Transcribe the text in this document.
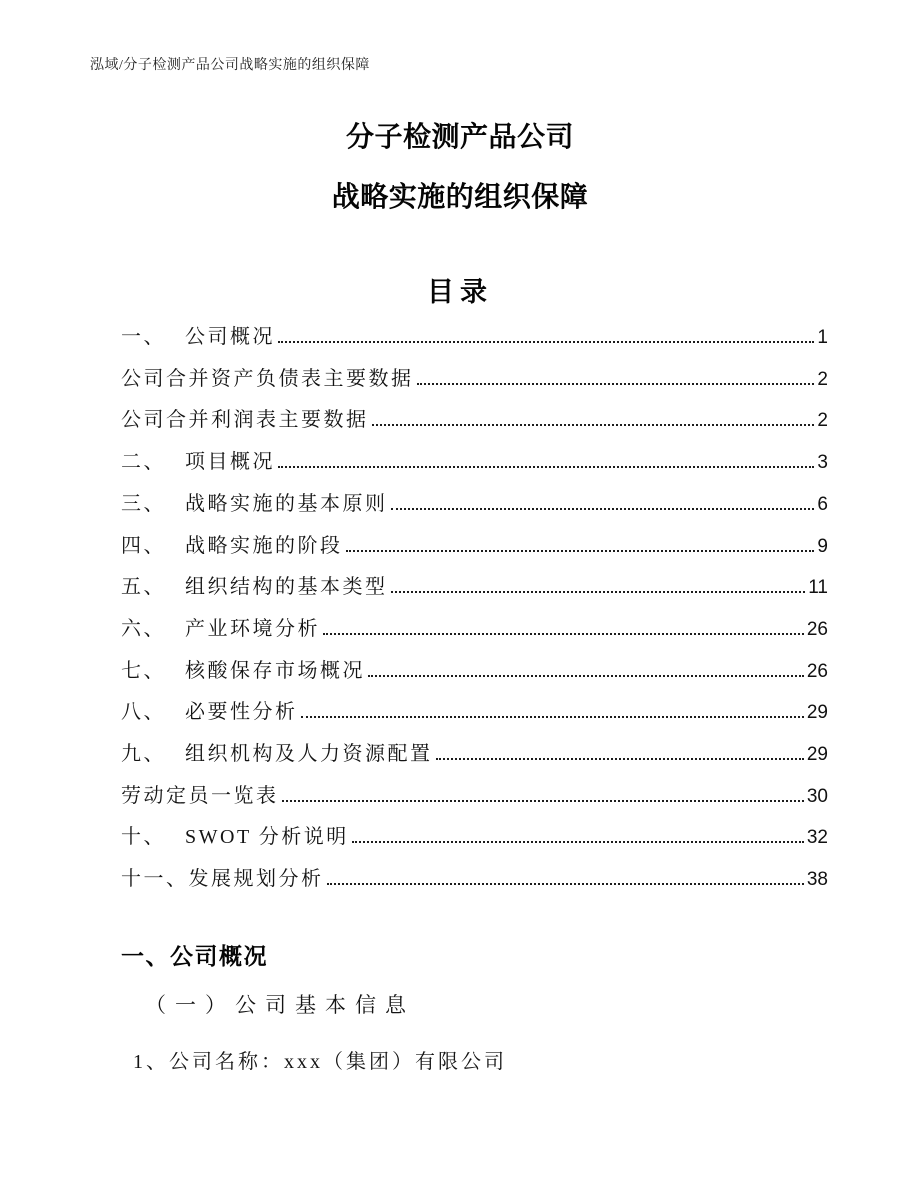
泓域/分子检测产品公司战略实施的组织保障
分子检测产品公司
战略实施的组织保障
目录
一、 公司概况	1
公司合并资产负债表主要数据	2
公司合并利润表主要数据	2
二、 项目概况	3
三、 战略实施的基本原则	6
四、 战略实施的阶段	9
五、 组织结构的基本类型	11
六、 产业环境分析	26
七、 核酸保存市场概况	26
八、 必要性分析	29
九、 组织机构及人力资源配置	29
劳动定员一览表	30
十、 SWOT 分析说明	32
十一、 发展规划分析	38
一、公司概况
（一）公司基本信息
1、公司名称：xxx（集团）有限公司
